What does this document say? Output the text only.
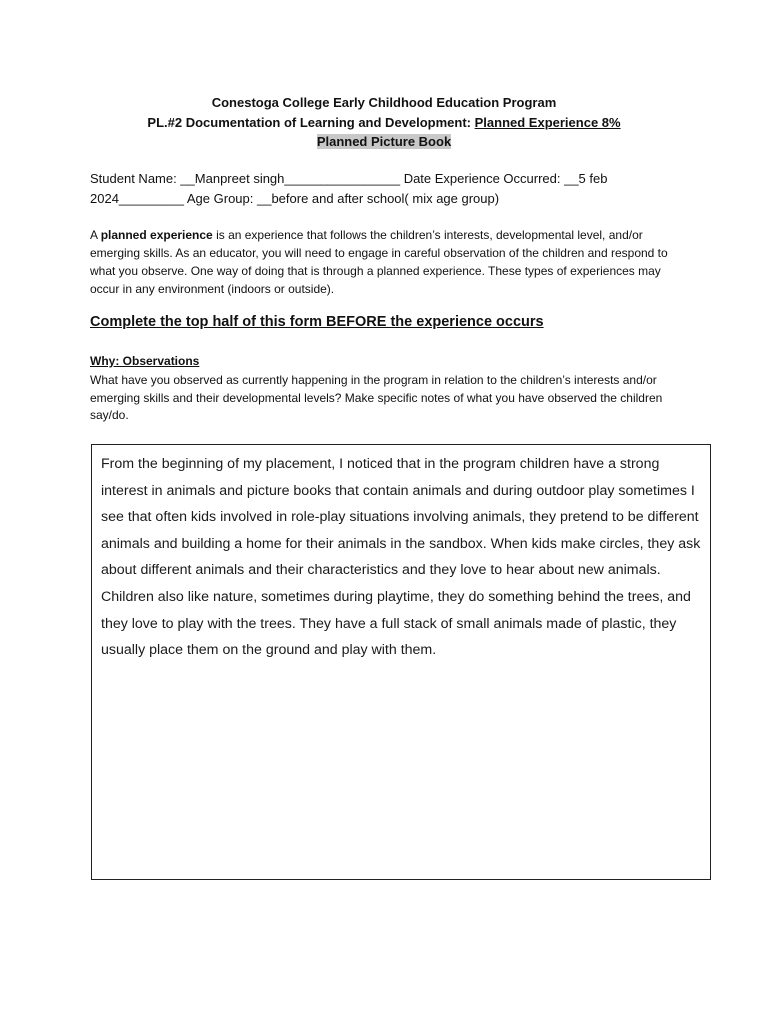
Conestoga College Early Childhood Education Program
PL.#2 Documentation of Learning and Development: Planned Experience 8%
Planned Picture Book
Student Name: __Manpreet singh________________ Date Experience Occurred: __5 feb 2024_________ Age Group: __before and after school( mix age group)
A planned experience is an experience that follows the children’s interests, developmental level, and/or emerging skills. As an educator, you will need to engage in careful observation of the children and respond to what you observe. One way of doing that is through a planned experience. These types of experiences may occur in any environment (indoors or outside).
Complete the top half of this form BEFORE the experience occurs
Why: Observations
What have you observed as currently happening in the program in relation to the children’s interests and/or emerging skills and their developmental levels? Make specific notes of what you have observed the children say/do.

From the beginning of my placement, I noticed that in the program children have a strong interest in animals and picture books that contain animals and during outdoor play sometimes I see that often kids involved in role-play situations involving animals, they pretend to be different animals and building a home for their animals in the sandbox. When kids make circles, they ask about different animals and their characteristics and they love to hear about new animals. Children also like nature, sometimes during playtime, they do something behind the trees, and they love to play with the trees. They have a full stack of small animals made of plastic, they usually place them on the ground and play with them.
